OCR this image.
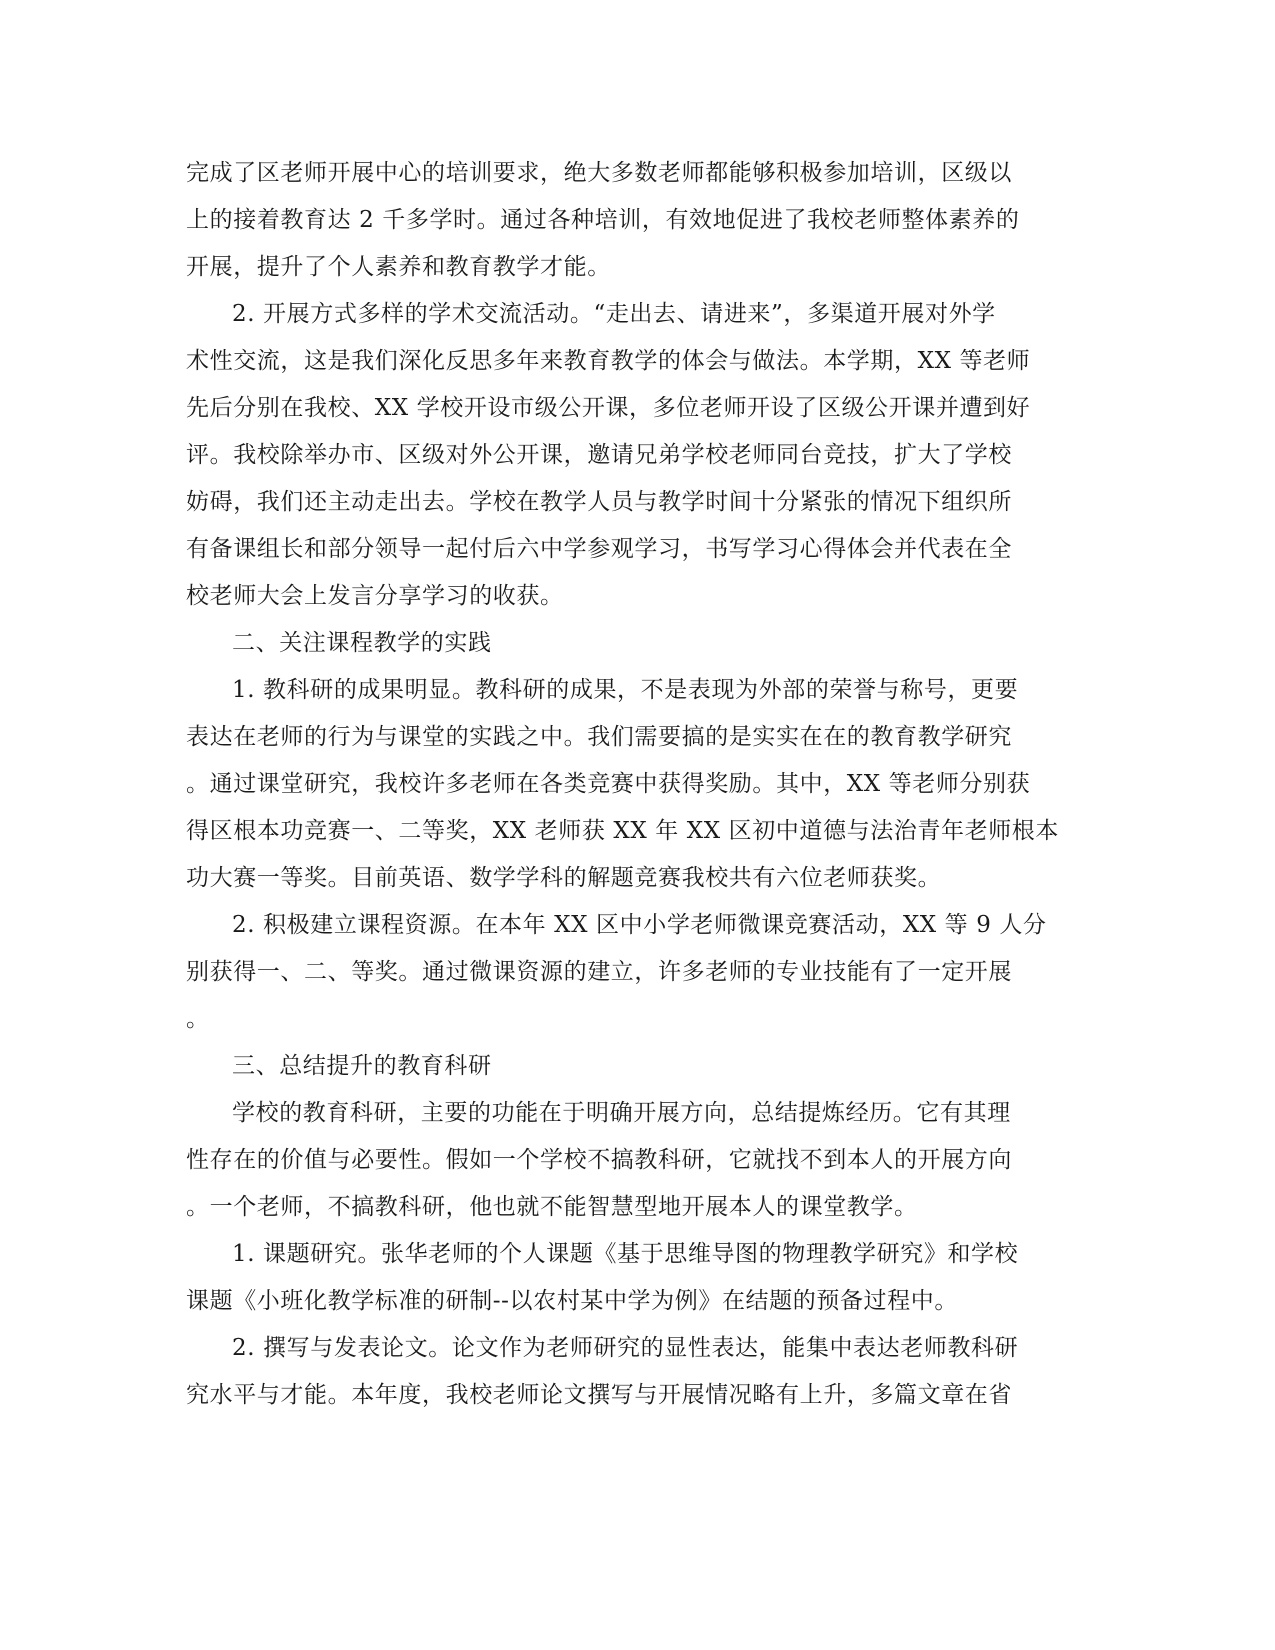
完成了区老师开展中心的培训要求，绝大多数老师都能够积极参加培训，区级以
上的接着教育达 2 千多学时。通过各种培训，有效地促进了我校老师整体素养的
开展，提升了个人素养和教育教学才能。
2. 开展方式多样的学术交流活动。“走出去、请进来”，多渠道开展对外学
术性交流，这是我们深化反思多年来教育教学的体会与做法。本学期，XX 等老师
先后分别在我校、XX 学校开设市级公开课，多位老师开设了区级公开课并遭到好
评。我校除举办市、区级对外公开课，邀请兄弟学校老师同台竞技，扩大了学校
妨碍，我们还主动走出去。学校在教学人员与教学时间十分紧张的情况下组织所
有备课组长和部分领导一起付后六中学参观学习，书写学习心得体会并代表在全
校老师大会上发言分享学习的收获。
二、关注课程教学的实践
1. 教科研的成果明显。教科研的成果，不是表现为外部的荣誉与称号，更要
表达在老师的行为与课堂的实践之中。我们需要搞的是实实在在的教育教学研究
。通过课堂研究，我校许多老师在各类竞赛中获得奖励。其中，XX 等老师分别获
得区根本功竞赛一、二等奖，XX 老师获 XX 年 XX 区初中道德与法治青年老师根本
功大赛一等奖。目前英语、数学学科的解题竞赛我校共有六位老师获奖。
2. 积极建立课程资源。在本年 XX 区中小学老师微课竞赛活动，XX 等 9 人分
别获得一、二、等奖。通过微课资源的建立，许多老师的专业技能有了一定开展
。
三、总结提升的教育科研
学校的教育科研，主要的功能在于明确开展方向，总结提炼经历。它有其理
性存在的价值与必要性。假如一个学校不搞教科研，它就找不到本人的开展方向
。一个老师，不搞教科研，他也就不能智慧型地开展本人的课堂教学。
1. 课题研究。张华老师的个人课题《基于思维导图的物理教学研究》和学校
课题《小班化教学标准的研制--以农村某中学为例》在结题的预备过程中。
2. 撰写与发表论文。论文作为老师研究的显性表达，能集中表达老师教科研
究水平与才能。本年度，我校老师论文撰写与开展情况略有上升，多篇文章在省
